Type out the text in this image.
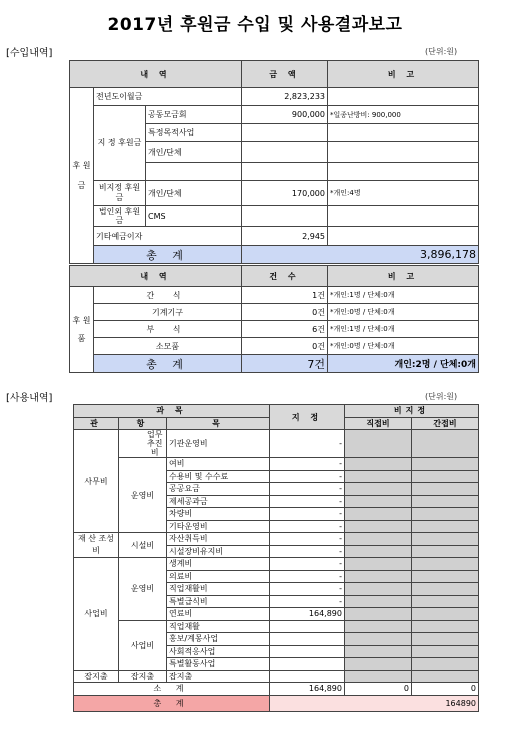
2017년 후원금 수입 및 사용결과보고
[수입내역]	(단위:원)
내 역			금 액	비 고
후 원 금	전년도이월금		2,823,233	
	지 정 후원금	공동모금회	900,000	*일종난방비: 900,000
		특정목적사업		
		개인/단체		

	비지정 후원금	개인/단체	170,000	*개인:4명
	법인외 후원금	CMS		
	기타예금이자		2,945	
	총 계		3,896,178	
내 역		건 수	비 고
후 원 품	간 식	1건	*개인:1명 / 단체:0개
	기계기구	0건	*개인:0명 / 단체:0개
	부 식	6건	*개인:1명 / 단체:0개
	소모품	0건	*개인:0명 / 단체:0개
	총 계	7건	개인:2명 / 단체:0개
[사용내역]	(단위:원)
과 목				지 정	비지정	
관	항		목		직접비	간접비
사무비		업무 추진비	기관운영비	-		
	운영비		여비	-		
			수용비 및 수수료	-		
			공공요금	-		
			제세공과금	-		
			차량비	-		
			기타운영비	-		

재 산 조성비	시설비		자산취득비	-		
			시설장비유지비	-		
사업비	운영비		생계비	-		
			의료비	-		
			직업재활비	-		
			특별급식비	-		
			연료비	164,890		
	사업비		직업재활			
			홍보/계몽사업			
			사회적응사업			
			특별활동사업			

잡지출	잡지출		잡지출			
소 계				164,890	0	0
총 계				164890		
